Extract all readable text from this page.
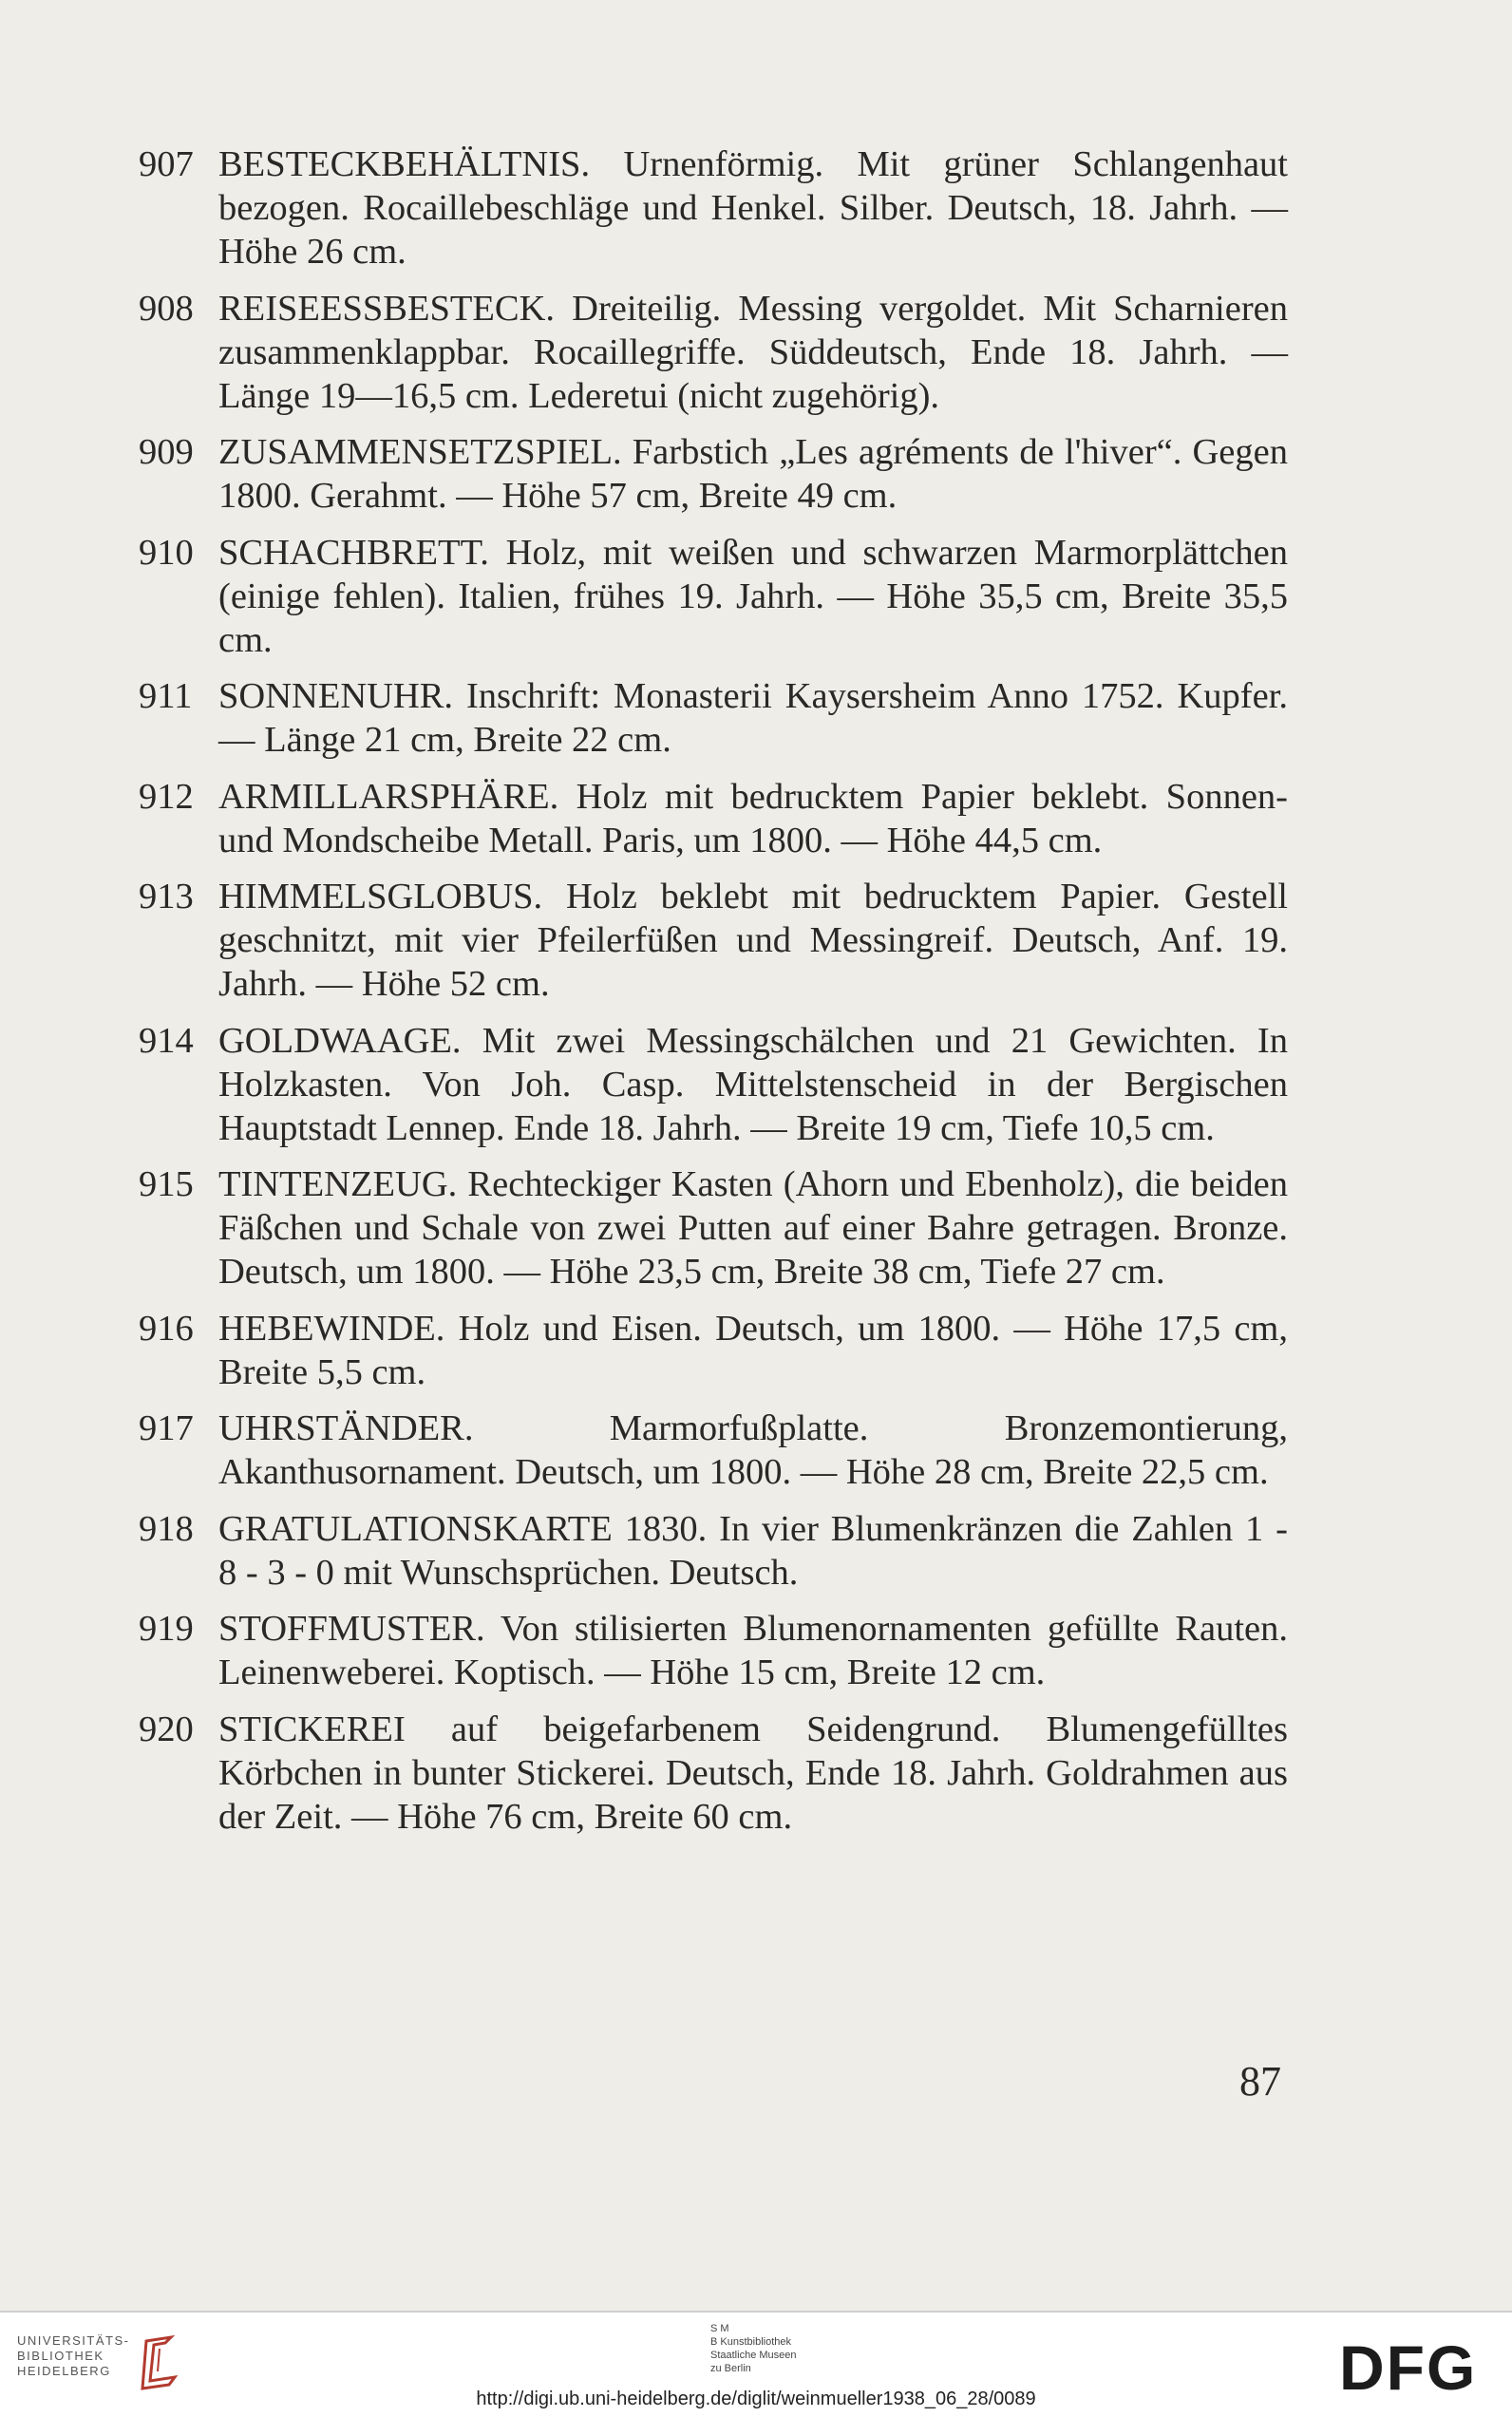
907 BESTECKBEHÄLTNIS. Urnenförmig. Mit grüner Schlangenhaut bezogen. Rocaillebeschläge und Henkel. Silber. Deutsch, 18. Jahrh. — Höhe 26 cm.
908 REISEESSBESTECK. Dreiteilig. Messing vergoldet. Mit Scharnieren zusammenklappbar. Rocaillegriffe. Süddeutsch, Ende 18. Jahrh. — Länge 19—16,5 cm. Lederetui (nicht zugehörig).
909 ZUSAMMENSETZSPIEL. Farbstich „Les agréments de l'hiver“. Gegen 1800. Gerahmt. — Höhe 57 cm, Breite 49 cm.
910 SCHACHBRETT. Holz, mit weißen und schwarzen Marmorplättchen (einige fehlen). Italien, frühes 19. Jahrh. — Höhe 35,5 cm, Breite 35,5 cm.
911 SONNENUHR. Inschrift: Monasterii Kaysersheim Anno 1752. Kupfer. — Länge 21 cm, Breite 22 cm.
912 ARMILLARSPHÄRE. Holz mit bedrucktem Papier beklebt. Sonnen- und Mondscheibe Metall. Paris, um 1800. — Höhe 44,5 cm.
913 HIMMELSGLOBUS. Holz beklebt mit bedrucktem Papier. Gestell geschnitzt, mit vier Pfeilerfüßen und Messingreif. Deutsch, Anf. 19. Jahrh. — Höhe 52 cm.
914 GOLDWAAGE. Mit zwei Messingschälchen und 21 Gewichten. In Holzkasten. Von Joh. Casp. Mittelstenscheid in der Bergischen Hauptstadt Lennep. Ende 18. Jahrh. — Breite 19 cm, Tiefe 10,5 cm.
915 TINTENZEUG. Rechteckiger Kasten (Ahorn und Ebenholz), die beiden Fäßchen und Schale von zwei Putten auf einer Bahre getragen. Bronze. Deutsch, um 1800. — Höhe 23,5 cm, Breite 38 cm, Tiefe 27 cm.
916 HEBEWINDE. Holz und Eisen. Deutsch, um 1800. — Höhe 17,5 cm, Breite 5,5 cm.
917 UHRSTÄNDER. Marmorfußplatte. Bronzemontierung, Akanthusornament. Deutsch, um 1800. — Höhe 28 cm, Breite 22,5 cm.
918 GRATULATIONSKARTE 1830. In vier Blumenkränzen die Zahlen 1 - 8 - 3 - 0 mit Wunschsprüchen. Deutsch.
919 STOFFMUSTER. Von stilisierten Blumenornamenten gefüllte Rauten. Leinenweberei. Koptisch. — Höhe 15 cm, Breite 12 cm.
920 STICKEREI auf beigefarbenem Seidengrund. Blumengefülltes Körbchen in bunter Stickerei. Deutsch, Ende 18. Jahrh. Goldrahmen aus der Zeit. — Höhe 76 cm, Breite 60 cm.
87
UNIVERSITÄTS-
BIBLIOTHEK
HEIDELBERG
S M
B Kunstbibliothek
Staatliche Museen
zu Berlin	DFG
http://digi.ub.uni-heidelberg.de/diglit/weinmueller1938_06_28/0089
